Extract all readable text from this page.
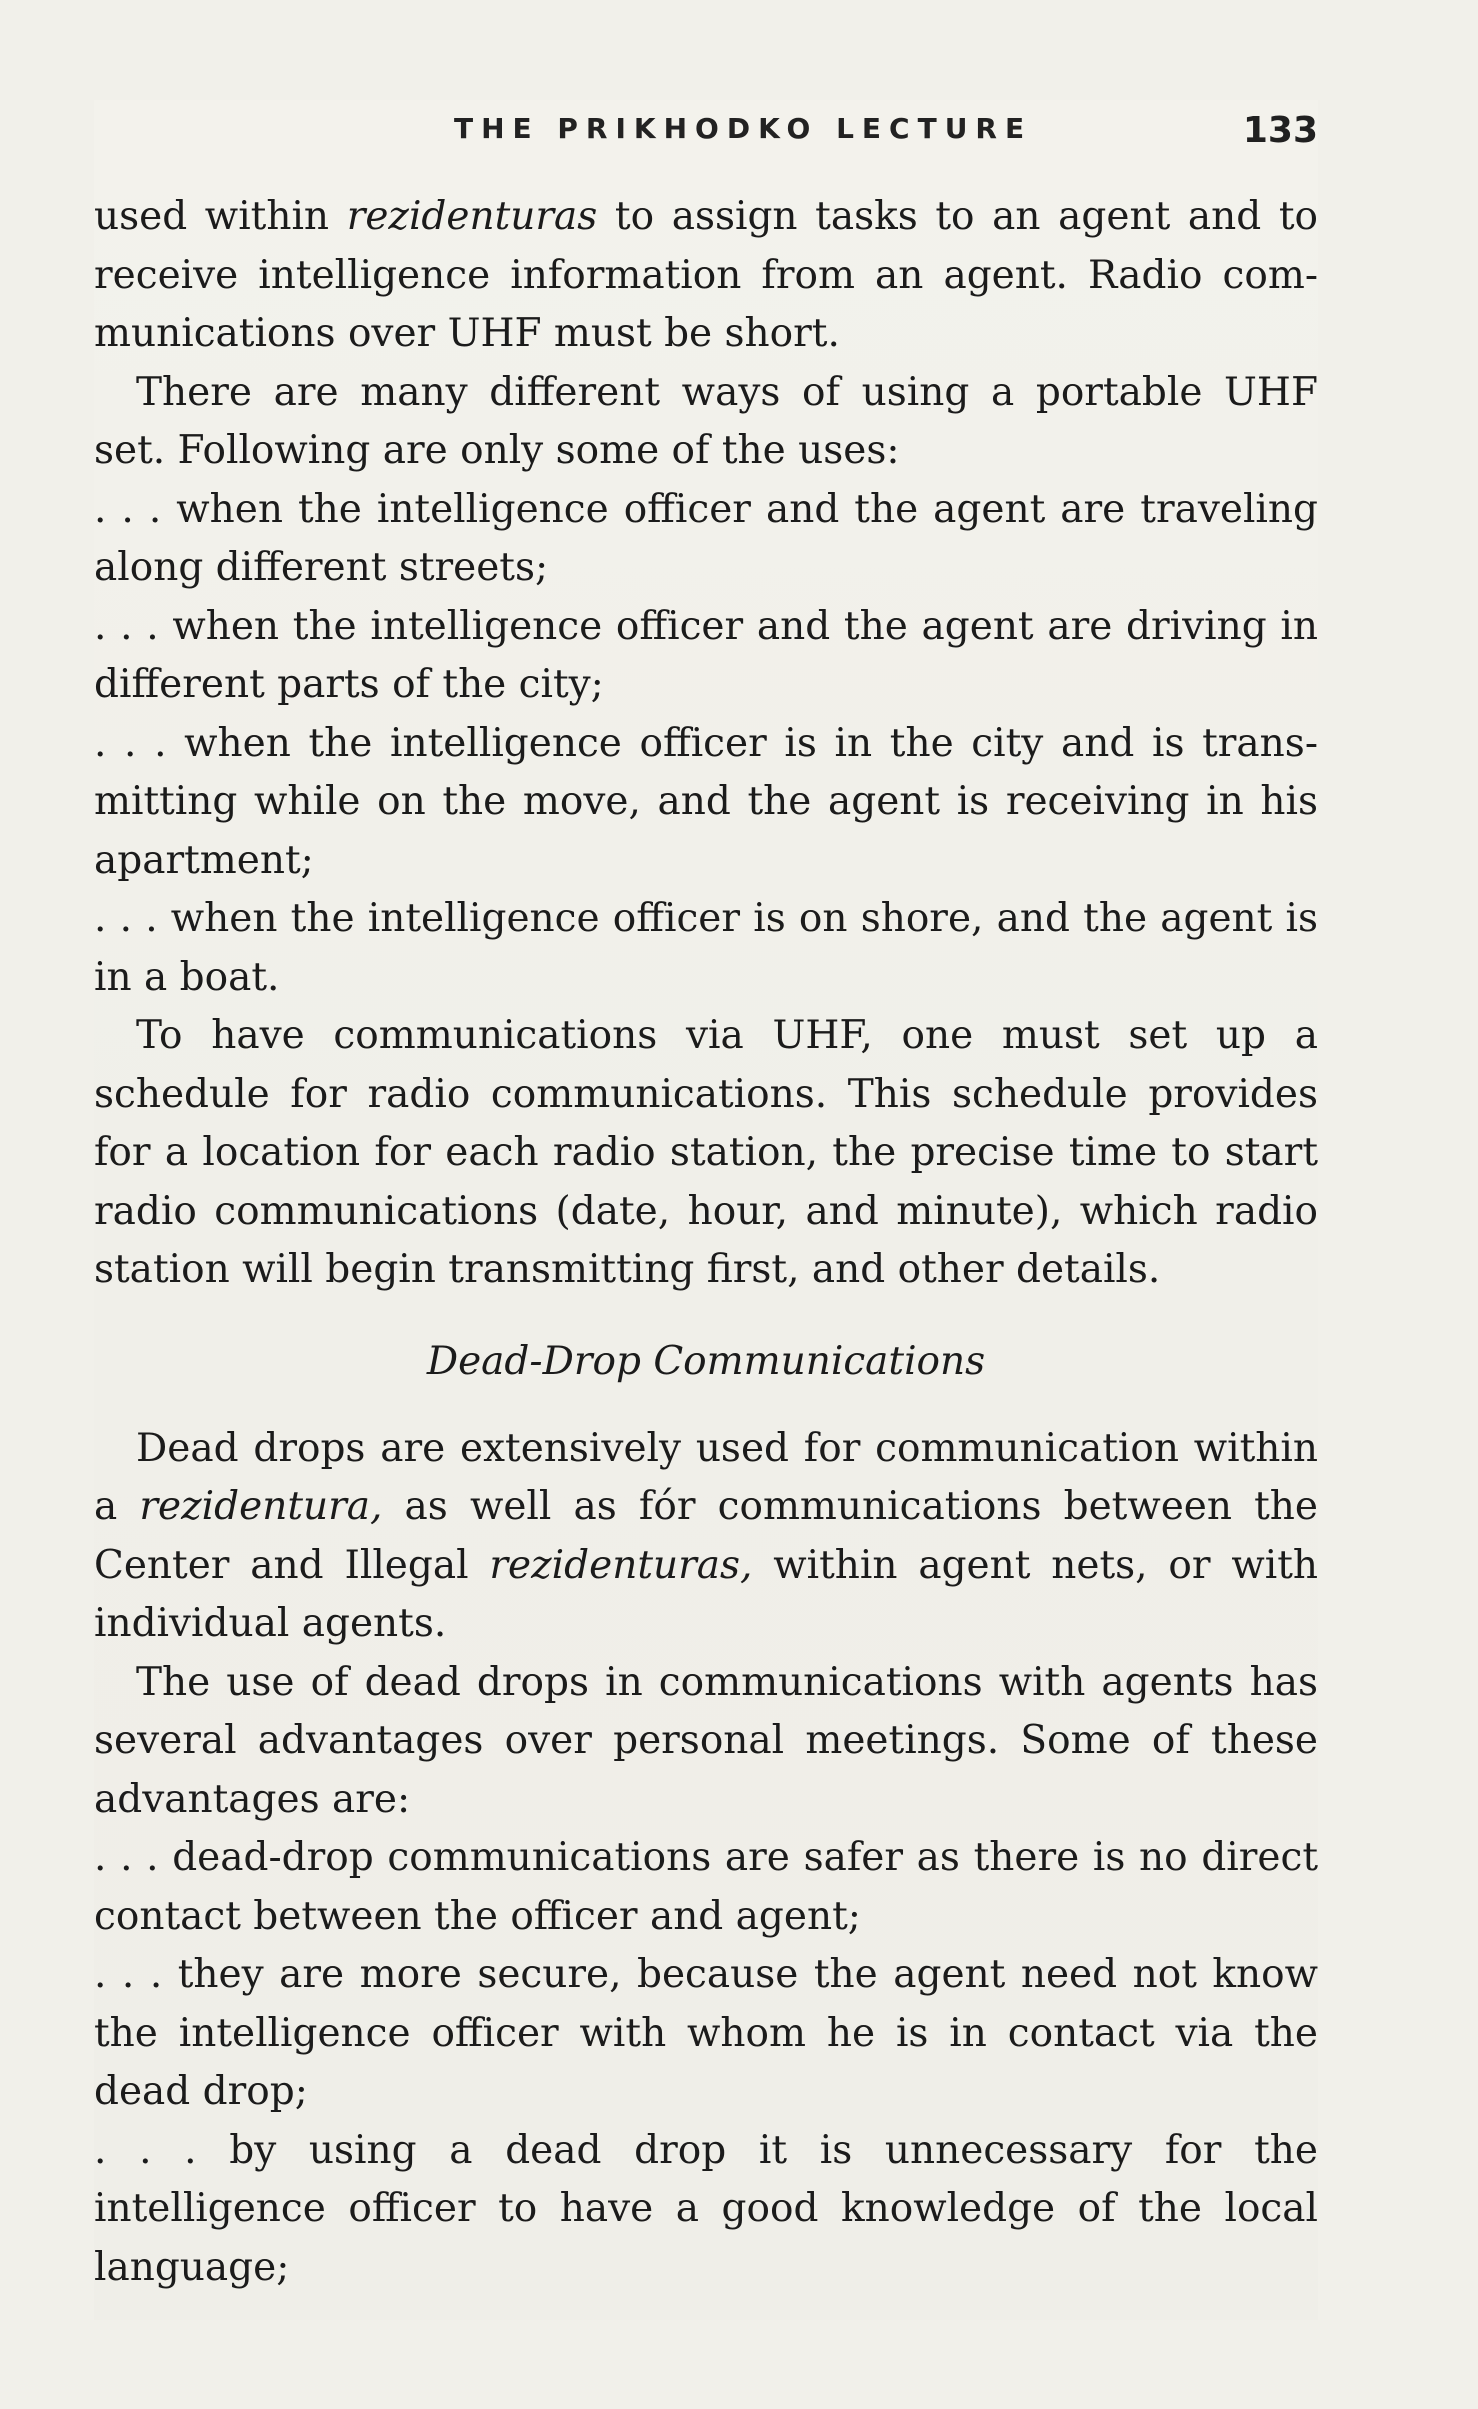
THE PRIKHODKO LECTURE	133

used within rezidenturas to assign tasks to an agent and to receive intelligence information from an agent. Radio communications over UHF must be short.

There are many different ways of using a portable UHF set. Following are only some of the uses:

. . . when the intelligence officer and the agent are traveling along different streets;

. . . when the intelligence officer and the agent are driving in different parts of the city;

. . . when the intelligence officer is in the city and is transmitting while on the move, and the agent is receiving in his apartment;

. . . when the intelligence officer is on shore, and the agent is in a boat.

To have communications via UHF, one must set up a schedule for radio communications. This schedule provides for a location for each radio station, the precise time to start radio communications (date, hour, and minute), which radio station will begin transmitting first, and other details.

Dead-Drop Communications

Dead drops are extensively used for communication within a rezidentura, as well as fór communications between the Center and Illegal rezidenturas, within agent nets, or with individual agents.

The use of dead drops in communications with agents has several advantages over personal meetings. Some of these advantages are:

. . . dead-drop communications are safer as there is no direct contact between the officer and agent;

. . . they are more secure, because the agent need not know the intelligence officer with whom he is in contact via the dead drop;

. . . by using a dead drop it is unnecessary for the intelligence officer to have a good knowledge of the local language;
